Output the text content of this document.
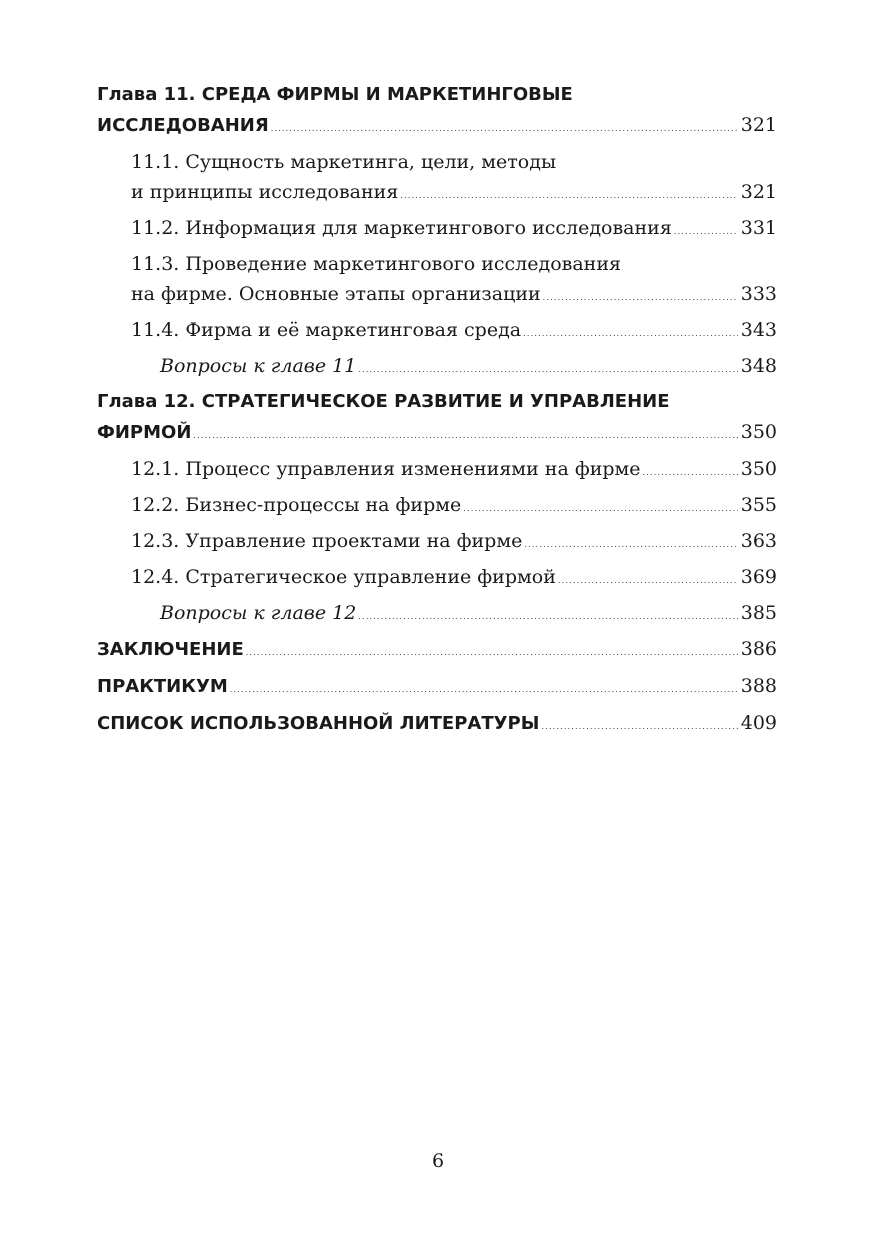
Глава 11. СРЕДА ФИРМЫ И МАРКЕТИНГОВЫЕ
ИССЛЕДОВАНИЯ .....	321
11.1. Сущность маркетинга, цели, методы
и принципы исследования .....	321
11.2. Информация для маркетингового исследования .....	331
11.3. Проведение маркетингового исследования
на фирме. Основные этапы организации .....	333
11.4. Фирма и её маркетинговая среда .....	343
Вопросы к главе 11 .....	348
Глава 12. СТРАТЕГИЧЕСКОЕ РАЗВИТИЕ И УПРАВЛЕНИЕ
ФИРМОЙ .....	350
12.1. Процесс управления изменениями на фирме .....	350
12.2. Бизнес-процессы на фирме .....	355
12.3. Управление проектами на фирме .....	363
12.4. Стратегическое управление фирмой .....	369
Вопросы к главе 12 .....	385
ЗАКЛЮЧЕНИЕ .....	386
ПРАКТИКУМ .....	388
СПИСОК ИСПОЛЬЗОВАННОЙ ЛИТЕРАТУРЫ .....	409
6
